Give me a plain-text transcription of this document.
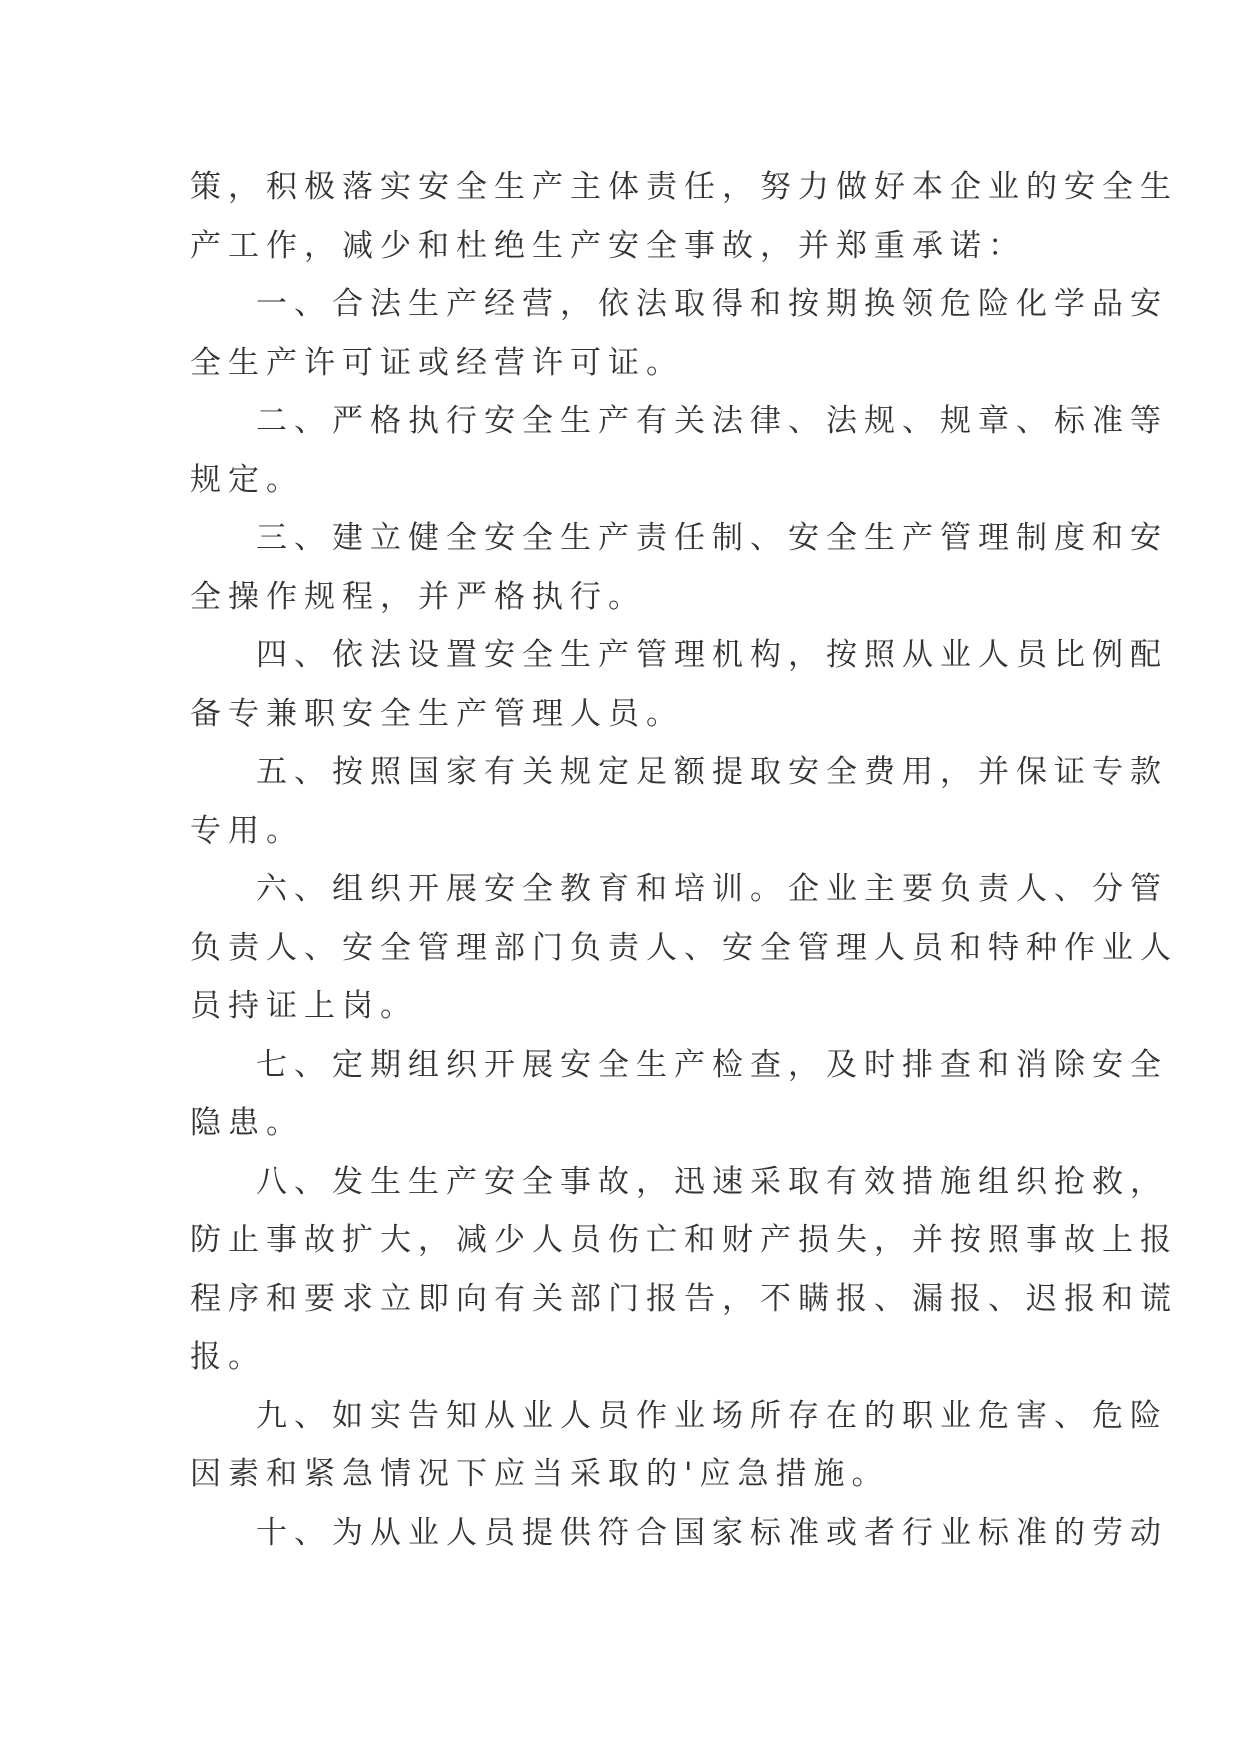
策，积极落实安全生产主体责任，努力做好本企业的安全生
产工作，减少和杜绝生产安全事故，并郑重承诺：
一、合法生产经营，依法取得和按期换领危险化学品安
全生产许可证或经营许可证。
二、严格执行安全生产有关法律、法规、规章、标准等
规定。
三、建立健全安全生产责任制、安全生产管理制度和安
全操作规程，并严格执行。
四、依法设置安全生产管理机构，按照从业人员比例配
备专兼职安全生产管理人员。
五、按照国家有关规定足额提取安全费用，并保证专款
专用。
六、组织开展安全教育和培训。企业主要负责人、分管
负责人、安全管理部门负责人、安全管理人员和特种作业人
员持证上岗。
七、定期组织开展安全生产检查，及时排查和消除安全
隐患。
八、发生生产安全事故，迅速采取有效措施组织抢救，
防止事故扩大，减少人员伤亡和财产损失，并按照事故上报
程序和要求立即向有关部门报告，不瞒报、漏报、迟报和谎
报。
九、如实告知从业人员作业场所存在的职业危害、危险
因素和紧急情况下应当采取的'应急措施。
十、为从业人员提供符合国家标准或者行业标准的劳动
